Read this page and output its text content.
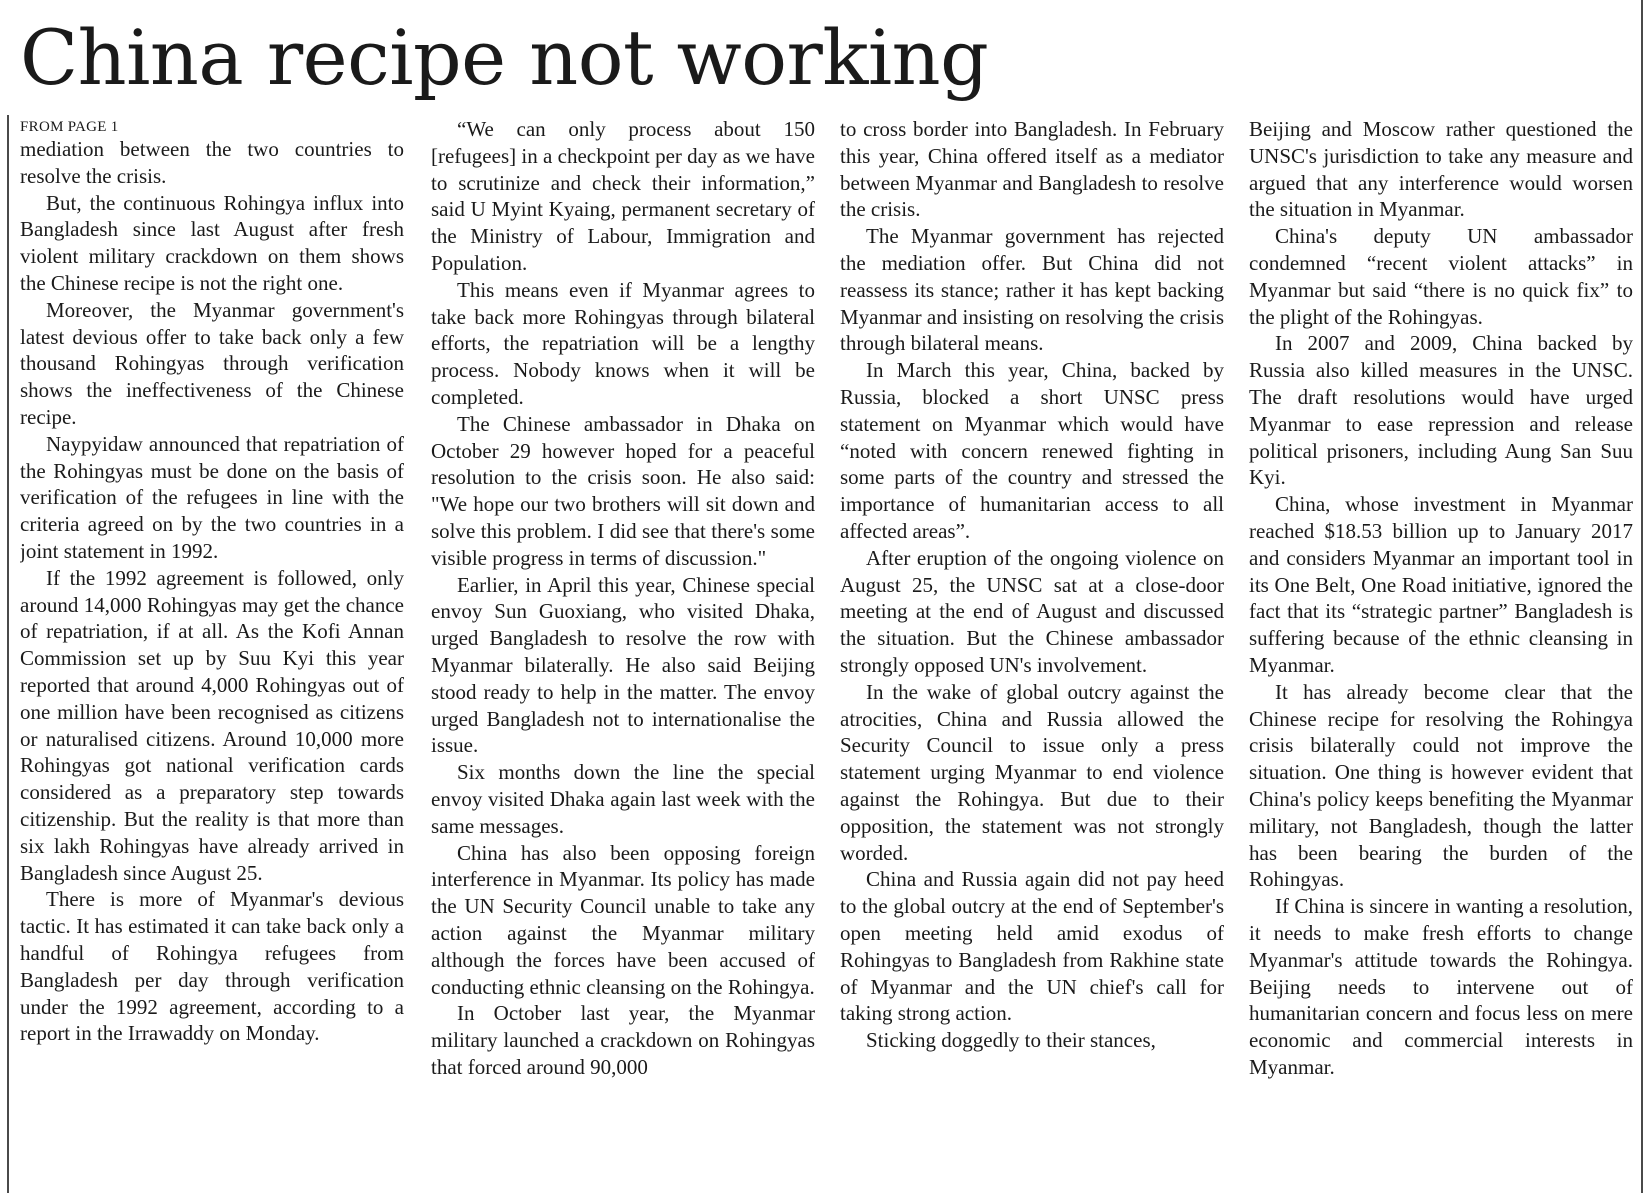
China recipe not working
FROM PAGE 1

mediation between the two countries to resolve the crisis.

But, the continuous Rohingya influx into Bangladesh since last August after fresh violent military crackdown on them shows the Chinese recipe is not the right one.

Moreover, the Myanmar government's latest devious offer to take back only a few thousand Rohingyas through verification shows the ineffectiveness of the Chinese recipe.

Naypyidaw announced that repatriation of the Rohingyas must be done on the basis of verification of the refugees in line with the criteria agreed on by the two countries in a joint statement in 1992.

If the 1992 agreement is followed, only around 14,000 Rohingyas may get the chance of repatriation, if at all. As the Kofi Annan Commission set up by Suu Kyi this year reported that around 4,000 Rohingyas out of one million have been recognised as citizens or naturalised citizens. Around 10,000 more Rohingyas got national verification cards considered as a preparatory step towards citizenship. But the reality is that more than six lakh Rohingyas have already arrived in Bangladesh since August 25.

There is more of Myanmar's devious tactic. It has estimated it can take back only a handful of Rohingya refugees from Bangladesh per day through verification under the 1992 agreement, according to a report in the Irrawaddy on Monday.

“We can only process about 150 [refugees] in a checkpoint per day as we have to scrutinize and check their information,” said U Myint Kyaing, permanent secretary of the Ministry of Labour, Immigration and Population.

This means even if Myanmar agrees to take back more Rohingyas through bilateral efforts, the repatriation will be a lengthy process. Nobody knows when it will be completed.

The Chinese ambassador in Dhaka on October 29 however hoped for a peaceful resolution to the crisis soon. He also said: "We hope our two brothers will sit down and solve this problem. I did see that there's some visible progress in terms of discussion."

Earlier, in April this year, Chinese special envoy Sun Guoxiang, who visited Dhaka, urged Bangladesh to resolve the row with Myanmar bilaterally. He also said Beijing stood ready to help in the matter. The envoy urged Bangladesh not to internationalise the issue.

Six months down the line the special envoy visited Dhaka again last week with the same messages.

China has also been opposing foreign interference in Myanmar. Its policy has made the UN Security Council unable to take any action against the Myanmar military although the forces have been accused of conducting ethnic cleansing on the Rohingya.

In October last year, the Myanmar military launched a crackdown on Rohingyas that forced around 90,000

to cross border into Bangladesh. In February this year, China offered itself as a mediator between Myanmar and Bangladesh to resolve the crisis.

The Myanmar government has rejected the mediation offer. But China did not reassess its stance; rather it has kept backing Myanmar and insisting on resolving the crisis through bilateral means.

In March this year, China, backed by Russia, blocked a short UNSC press statement on Myanmar which would have “noted with concern renewed fighting in some parts of the country and stressed the importance of humanitarian access to all affected areas”.

After eruption of the ongoing violence on August 25, the UNSC sat at a close-door meeting at the end of August and discussed the situation. But the Chinese ambassador strongly opposed UN's involvement.

In the wake of global outcry against the atrocities, China and Russia allowed the Security Council to issue only a press statement urging Myanmar to end violence against the Rohingya. But due to their opposition, the statement was not strongly worded.

China and Russia again did not pay heed to the global outcry at the end of September's open meeting held amid exodus of Rohingyas to Bangladesh from Rakhine state of Myanmar and the UN chief's call for taking strong action.

Sticking doggedly to their stances,

Beijing and Moscow rather questioned the UNSC's jurisdiction to take any measure and argued that any interference would worsen the situation in Myanmar.

China's deputy UN ambassador condemned “recent violent attacks” in Myanmar but said “there is no quick fix” to the plight of the Rohingyas.

In 2007 and 2009, China backed by Russia also killed measures in the UNSC. The draft resolutions would have urged Myanmar to ease repression and release political prisoners, including Aung San Suu Kyi.

China, whose investment in Myanmar reached $18.53 billion up to January 2017 and considers Myanmar an important tool in its One Belt, One Road initiative, ignored the fact that its “strategic partner” Bangladesh is suffering because of the ethnic cleansing in Myanmar.

It has already become clear that the Chinese recipe for resolving the Rohingya crisis bilaterally could not improve the situation. One thing is however evident that China's policy keeps benefiting the Myanmar military, not Bangladesh, though the latter has been bearing the burden of the Rohingyas.

If China is sincere in wanting a resolution, it needs to make fresh efforts to change Myanmar's attitude towards the Rohingya. Beijing needs to intervene out of humanitarian concern and focus less on mere economic and commercial interests in Myanmar.
